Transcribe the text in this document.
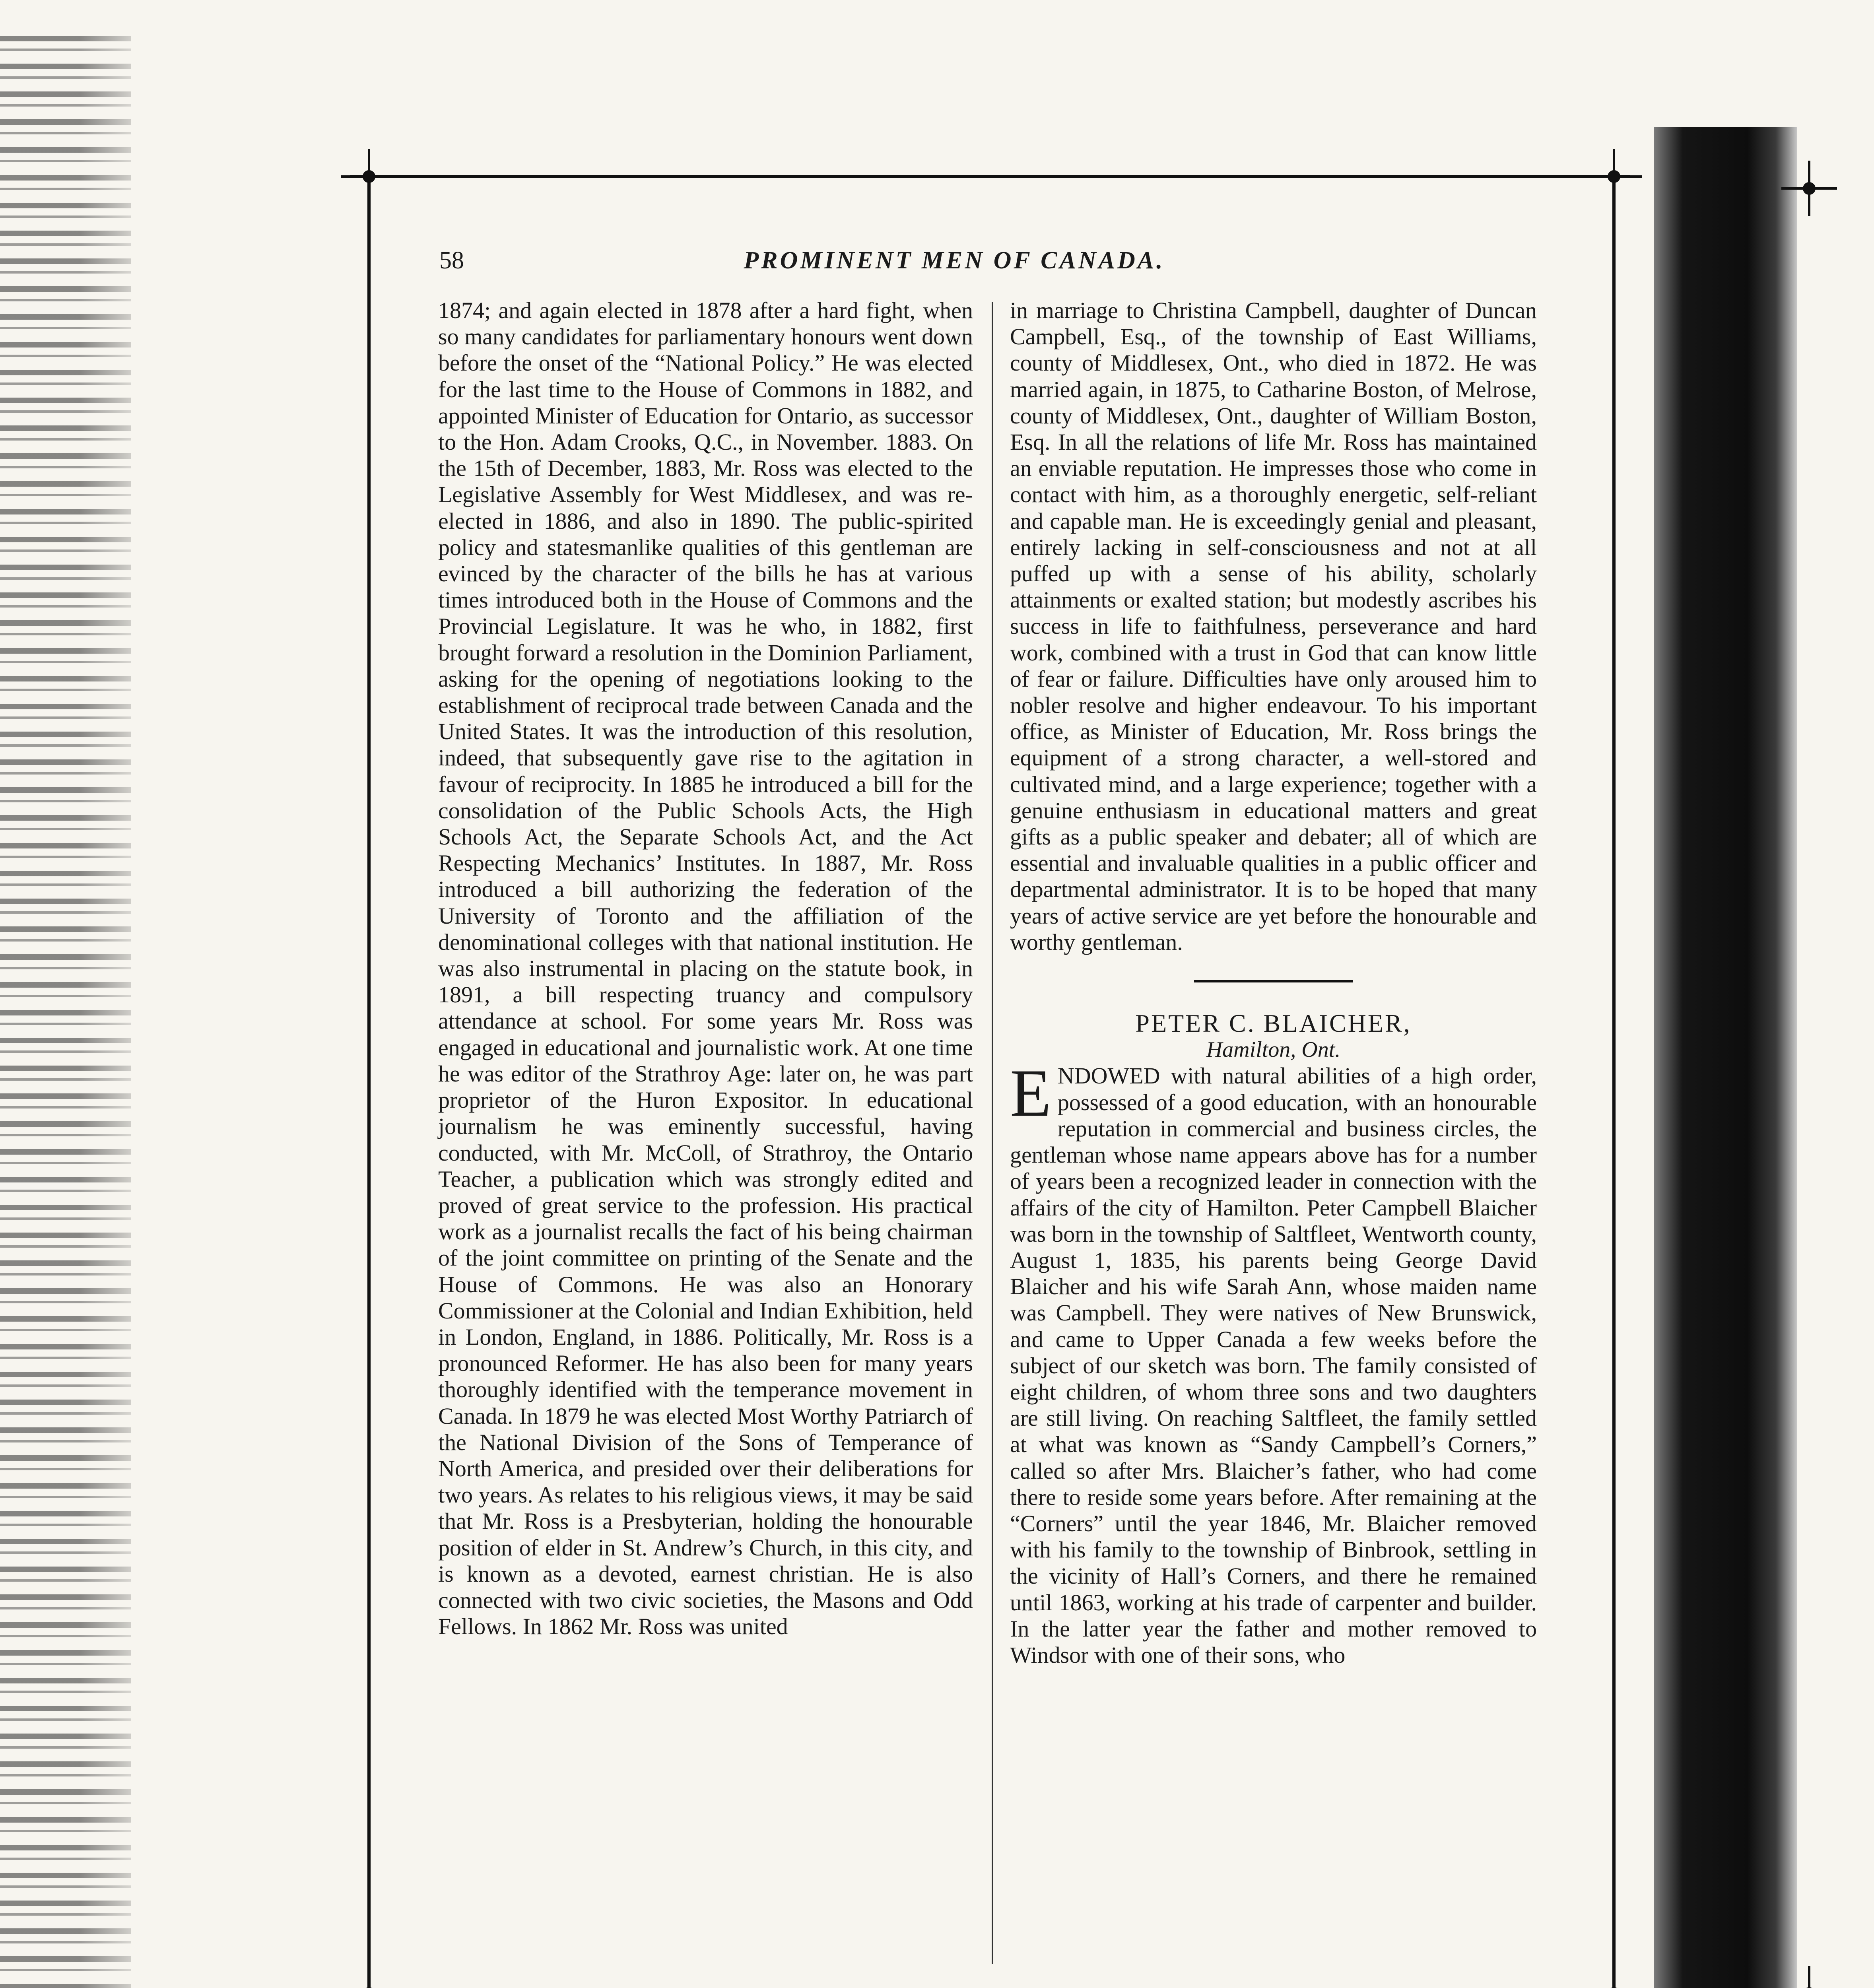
58	PROMINENT MEN OF CANADA.

1874; and again elected in 1878 after a hard fight, when so many candidates for parliamentary honours went down before the onset of the “National Policy.” He was elected for the last time to the House of Commons in 1882, and appointed Minister of Education for Ontario, as successor to the Hon. Adam Crooks, Q.C., in November. 1883. On the 15th of December, 1883, Mr. Ross was elected to the Legislative Assembly for West Middlesex, and was re-elected in 1886, and also in 1890. The public-spirited policy and statesmanlike qualities of this gentleman are evinced by the character of the bills he has at various times introduced both in the House of Commons and the Provincial Legislature. It was he who, in 1882, first brought forward a resolution in the Dominion Parliament, asking for the opening of negotiations looking to the establishment of reciprocal trade between Canada and the United States. It was the introduction of this resolution, indeed, that subsequently gave rise to the agitation in favour of reciprocity. In 1885 he introduced a bill for the consolidation of the Public Schools Acts, the High Schools Act, the Separate Schools Act, and the Act Respecting Mechanics’ Institutes. In 1887, Mr. Ross introduced a bill authorizing the federation of the University of Toronto and the affiliation of the denominational colleges with that national institution. He was also instrumental in placing on the statute book, in 1891, a bill respecting truancy and compulsory attendance at school. For some years Mr. Ross was engaged in educational and journalistic work. At one time he was editor of the Strathroy Age: later on, he was part proprietor of the Huron Expositor. In educational journalism he was eminently successful, having conducted, with Mr. McColl, of Strathroy, the Ontario Teacher, a publication which was strongly edited and proved of great service to the profession. His practical work as a journalist recalls the fact of his being chairman of the joint committee on printing of the Senate and the House of Commons. He was also an Honorary Commissioner at the Colonial and Indian Exhibition, held in London, England, in 1886. Politically, Mr. Ross is a pronounced Reformer. He has also been for many years thoroughly identified with the temperance movement in Canada. In 1879 he was elected Most Worthy Patriarch of the National Division of the Sons of Temperance of North America, and presided over their deliberations for two years. As relates to his religious views, it may be said that Mr. Ross is a Presbyterian, holding the honourable position of elder in St. Andrew’s Church, in this city, and is known as a devoted, earnest christian. He is also connected with two civic societies, the Masons and Odd Fellows. In 1862 Mr. Ross was united

in marriage to Christina Campbell, daughter of Duncan Campbell, Esq., of the township of East Williams, county of Middlesex, Ont., who died in 1872. He was married again, in 1875, to Catharine Boston, of Melrose, county of Middlesex, Ont., daughter of William Boston, Esq. In all the relations of life Mr. Ross has maintained an enviable reputation. He impresses those who come in contact with him, as a thoroughly energetic, self-reliant and capable man. He is exceedingly genial and pleasant, entirely lacking in self-consciousness and not at all puffed up with a sense of his ability, scholarly attainments or exalted station; but modestly ascribes his success in life to faithfulness, perseverance and hard work, combined with a trust in God that can know little of fear or failure. Difficulties have only aroused him to nobler resolve and higher endeavour. To his important office, as Minister of Education, Mr. Ross brings the equipment of a strong character, a well-stored and cultivated mind, and a large experience; together with a genuine enthusiasm in educational matters and great gifts as a public speaker and debater; all of which are essential and invaluable qualities in a public officer and departmental administrator. It is to be hoped that many years of active service are yet before the honourable and worthy gentleman.

PETER C. BLAICHER,

Hamilton, Ont.

ENDOWED with natural abilities of a high order, possessed of a good education, with an honourable reputation in commercial and business circles, the gentleman whose name appears above has for a number of years been a recognized leader in connection with the affairs of the city of Hamilton. Peter Campbell Blaicher was born in the township of Saltfleet, Wentworth county, August 1, 1835, his parents being George David Blaicher and his wife Sarah Ann, whose maiden name was Campbell. They were natives of New Brunswick, and came to Upper Canada a few weeks before the subject of our sketch was born. The family consisted of eight children, of whom three sons and two daughters are still living. On reaching Saltfleet, the family settled at what was known as “Sandy Campbell’s Corners,” called so after Mrs. Blaicher’s father, who had come there to reside some years before. After remaining at the “Corners” until the year 1846, Mr. Blaicher removed with his family to the township of Binbrook, settling in the vicinity of Hall’s Corners, and there he remained until 1863, working at his trade of carpenter and builder. In the latter year the father and mother removed to Windsor with one of their sons, who
